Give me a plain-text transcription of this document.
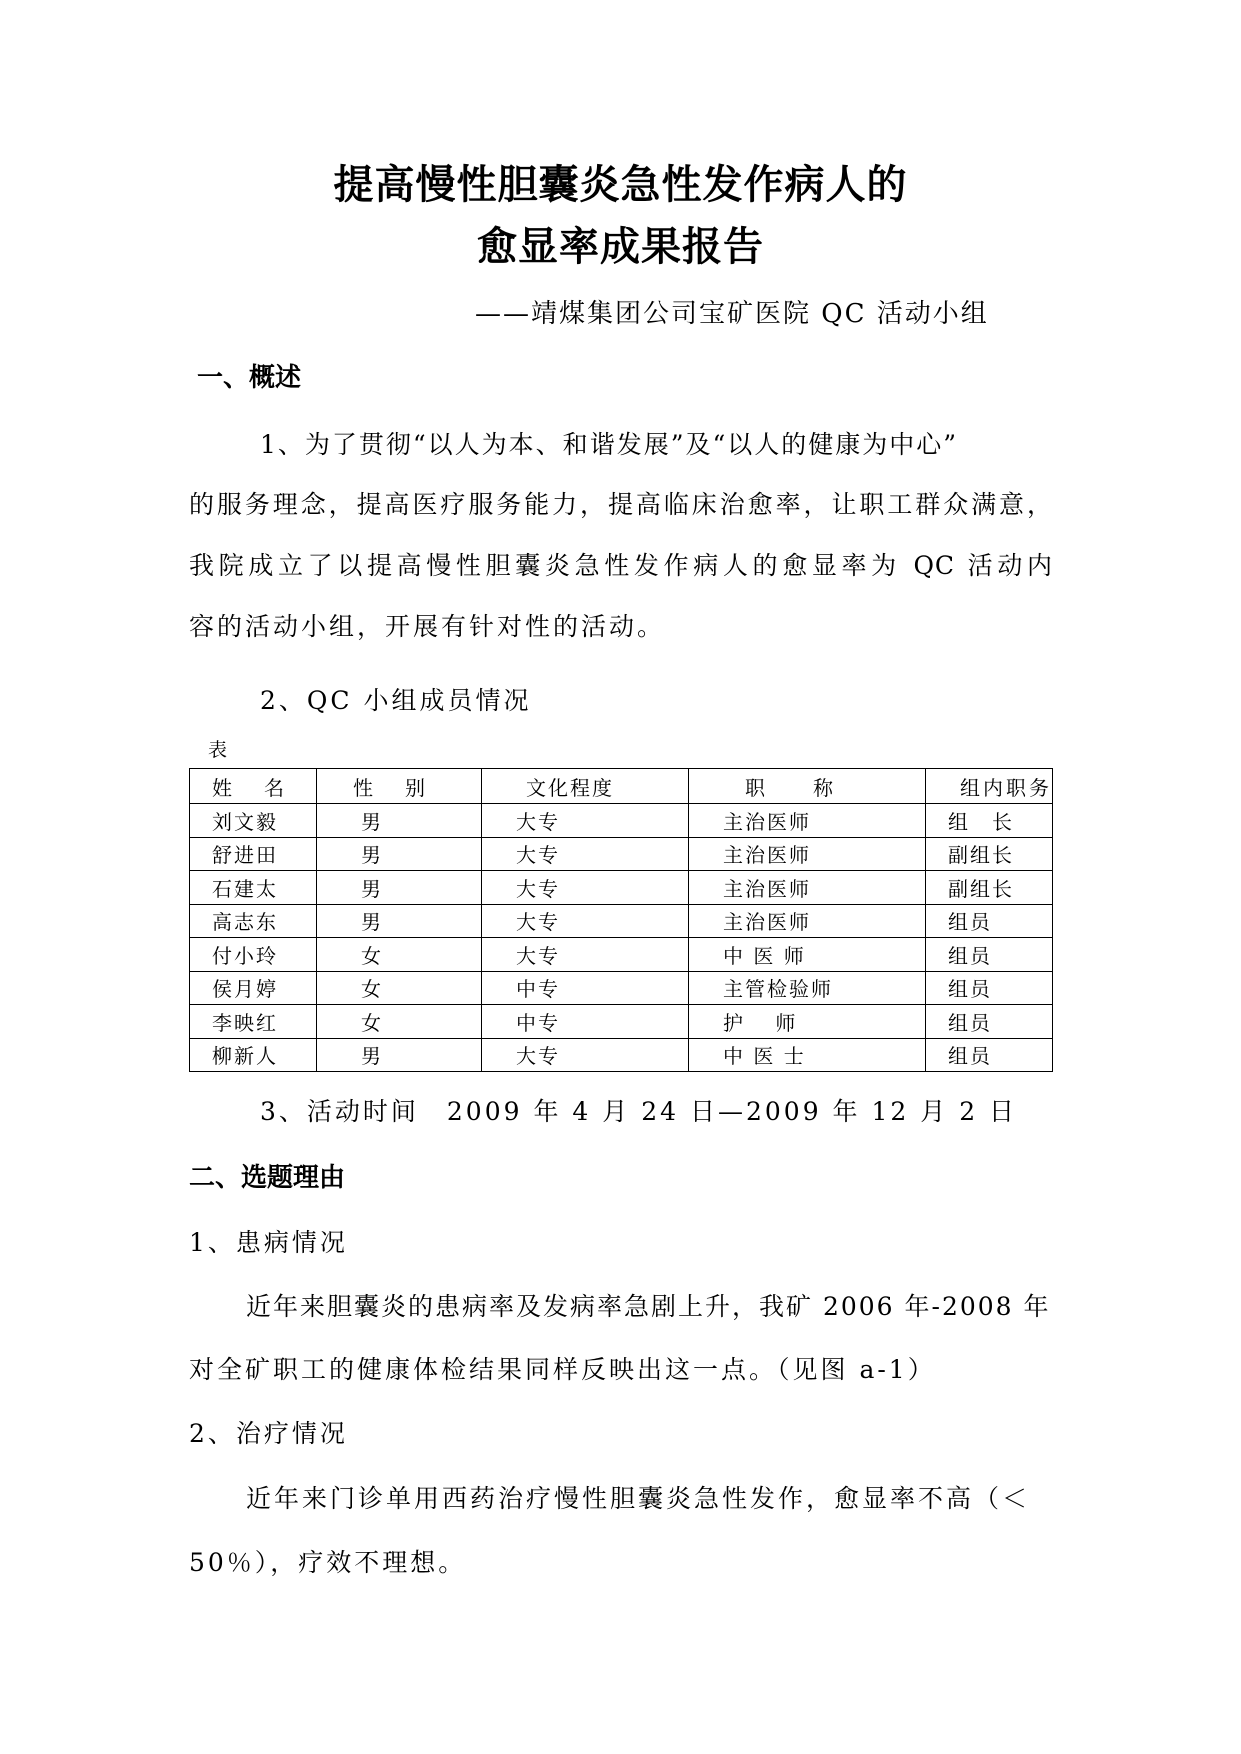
提高慢性胆囊炎急性发作病人的
愈显率成果报告
——靖煤集团公司宝矿医院 QC 活动小组
一、概述
1、为了贯彻“以人为本、和谐发展”及“以人的健康为中心”
的服务理念，提高医疗服务能力，提高临床治愈率，让职工群众满意，
我院成立了以提高慢性胆囊炎急性发作病人的愈显率为 QC 活动内
容的活动小组，开展有针对性的活动。
2、QC 小组成员情况
表
姓　名	性　别	文化程度	职　称	组内职务
刘文毅	男	大专	主治医师	组　长
舒进田	男	大专	主治医师	副组长
石建太	男	大专	主治医师	副组长
高志东	男	大专	主治医师	组员
付小玲	女	大专	中 医 师	组员
侯月婷	女	中专	主管检验师	组员
李映红	女	中专	护　 师	组员
柳新人	男	大专	中 医 士	组员
3、活动时间　2009 年 4 月 24 日—2009 年 12 月 2 日
二、选题理由
1、患病情况
近年来胆囊炎的患病率及发病率急剧上升，我矿 2006 年-2008 年
对全矿职工的健康体检结果同样反映出这一点。（见图 a-1）
2、治疗情况
近年来门诊单用西药治疗慢性胆囊炎急性发作，愈显率不高（＜
50％），疗效不理想。
